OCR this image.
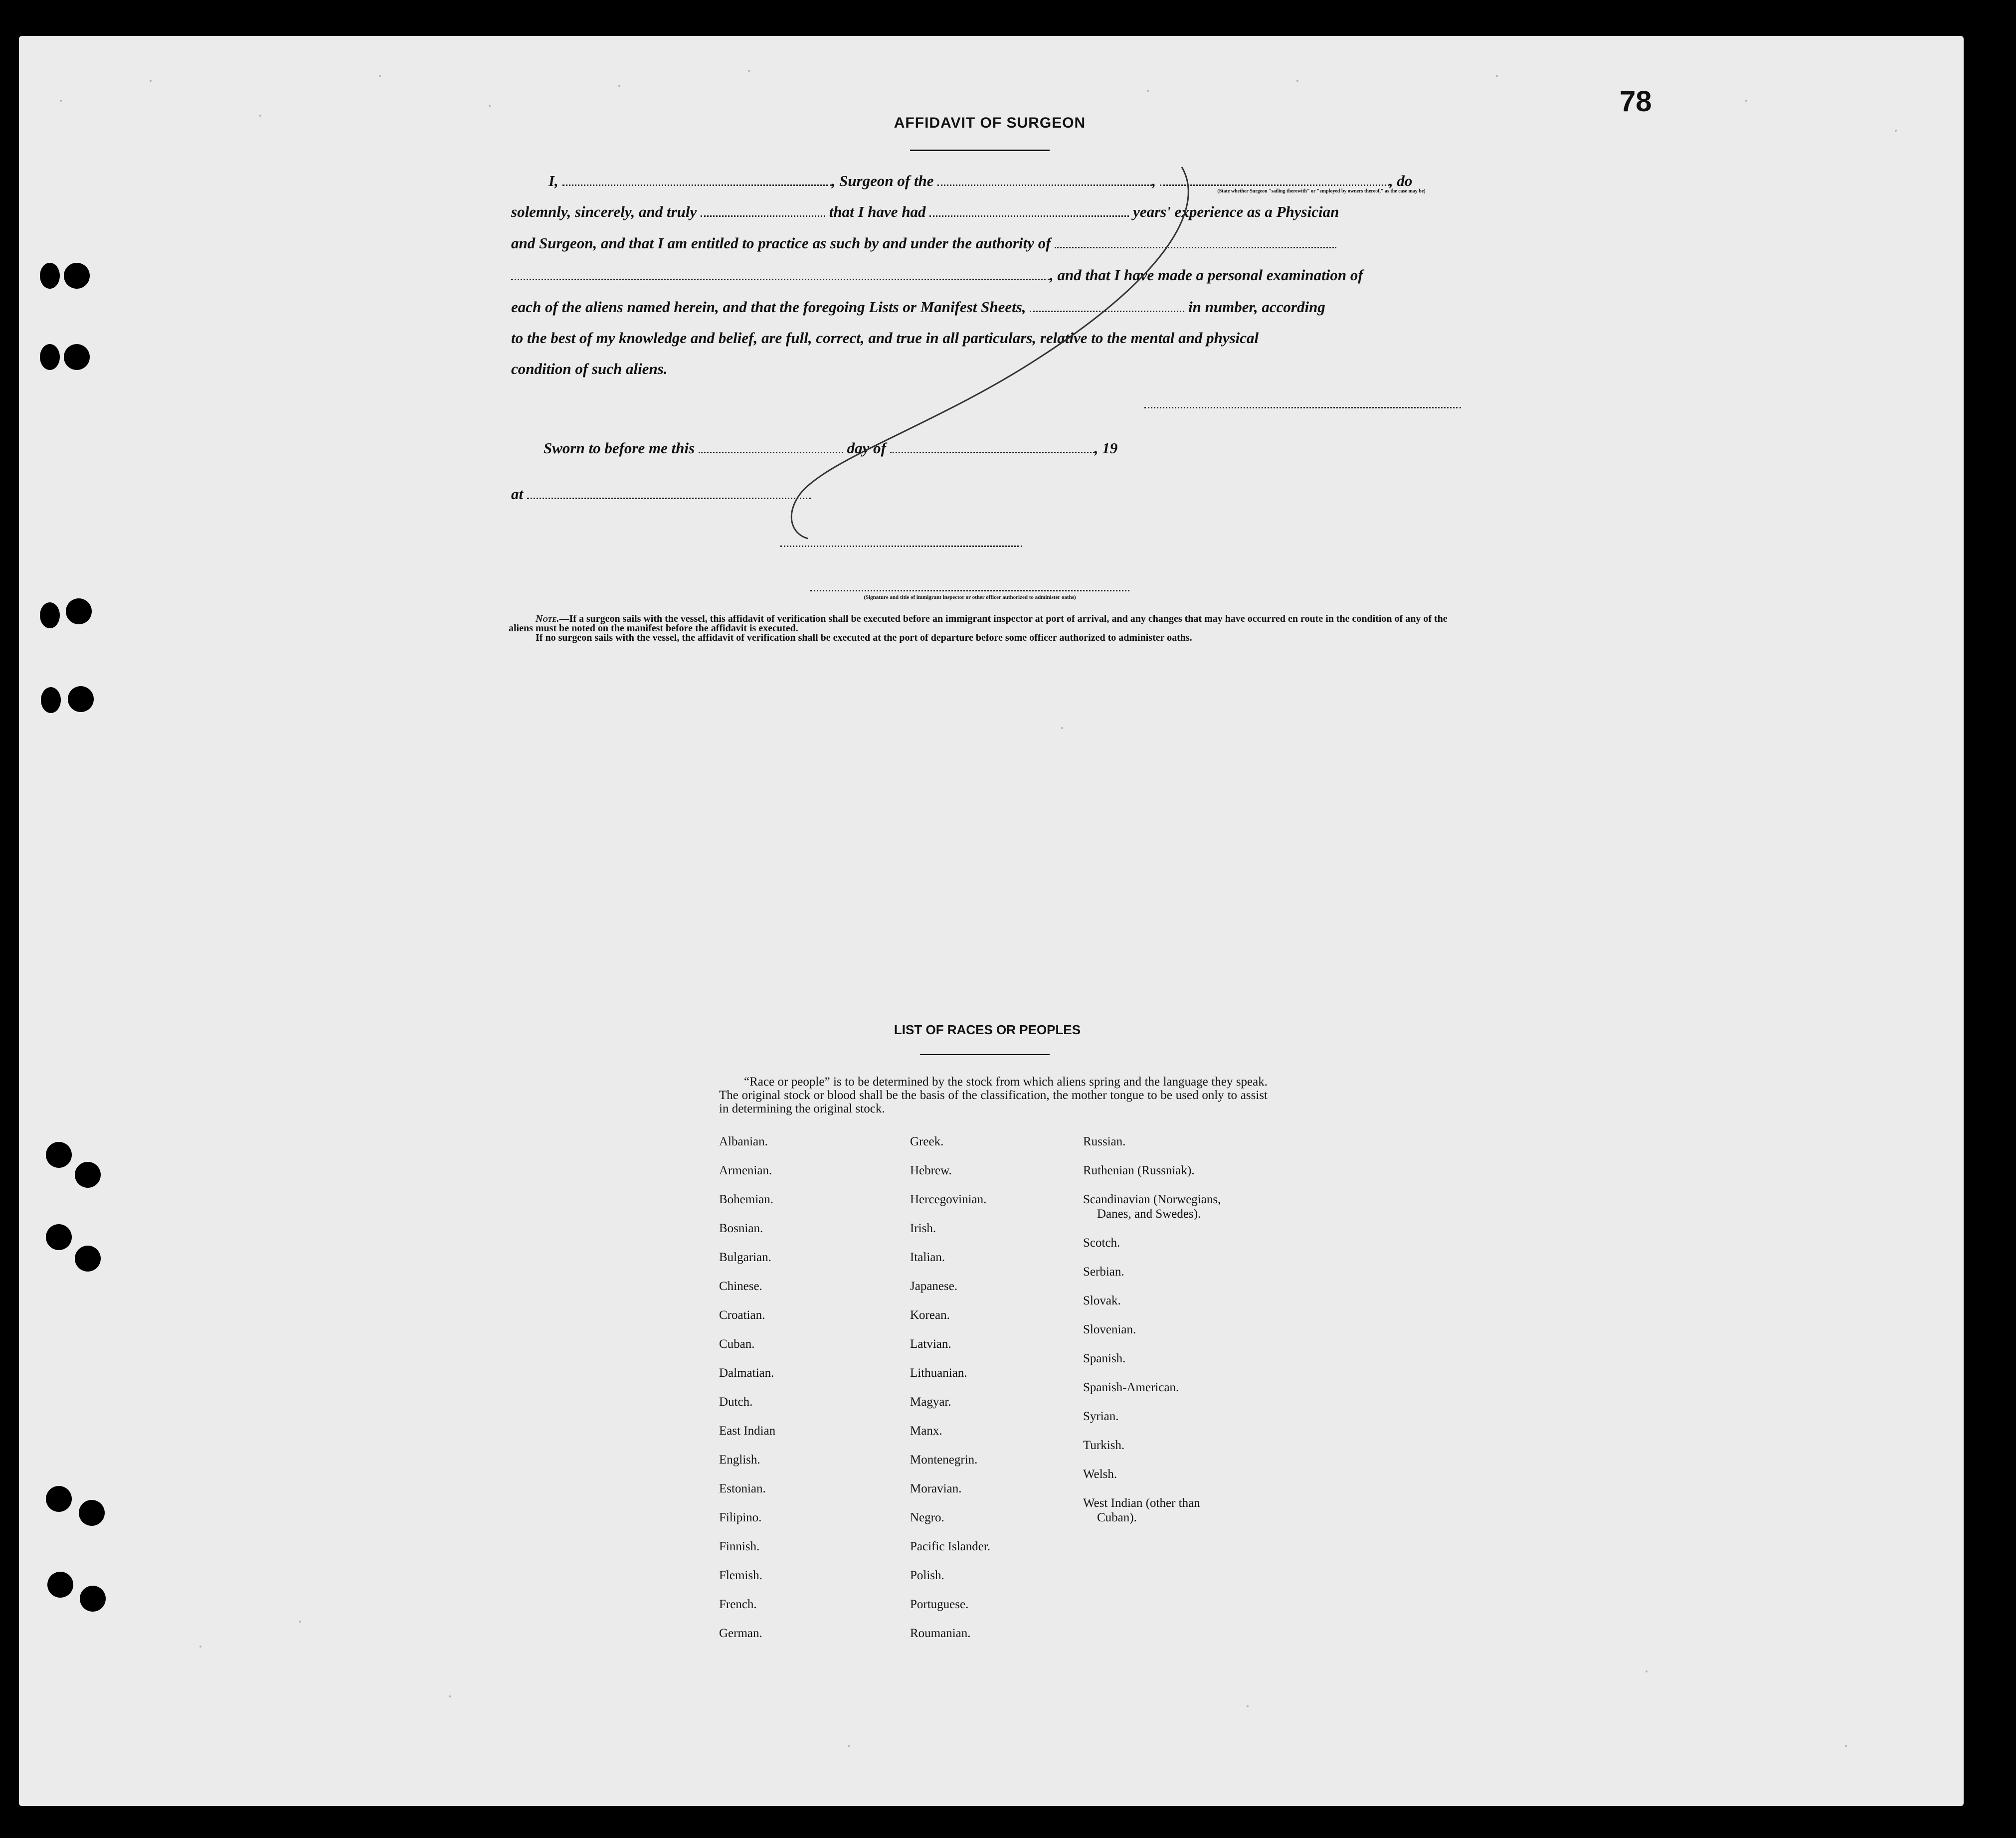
78
AFFIDAVIT OF SURGEON
I,	, Surgeon of the	,	, do
(State whether Surgeon "sailing therewith" or "employed by owners thereof," as the case may be)
solemnly, sincerely, and truly	that I have had	years' experience as a Physician
and Surgeon, and that I am entitled to practice as such by and under the authority of
, and that I have made a personal examination of
each of the aliens named herein, and that the foregoing Lists or Manifest Sheets,	in number, according
to the best of my knowledge and belief, are full, correct, and true in all particulars, relative to the mental and physical
condition of such aliens.
Sworn to before me this	day of	, 19
at
(Signature and title of immigrant inspector or other officer authorized to administer oaths)
Note.—If a surgeon sails with the vessel, this affidavit of verification shall be executed before an immigrant inspector at port of arrival, and any changes that may have occurred en route in the condition of any of the aliens must be noted on the manifest before the affidavit is executed.
If no surgeon sails with the vessel, the affidavit of verification shall be executed at the port of departure before some officer authorized to administer oaths.
LIST OF RACES OR PEOPLES
“Race or people” is to be determined by the stock from which aliens spring and the language they speak. The original stock or blood shall be the basis of the classification, the mother tongue to be used only to assist in determining the original stock.
Albanian.
Armenian.
Bohemian.
Bosnian.
Bulgarian.
Chinese.
Croatian.
Cuban.
Dalmatian.
Dutch.
East Indian
English.
Estonian.
Filipino.
Finnish.
Flemish.
French.
German.
Greek.
Hebrew.
Hercegovinian.
Irish.
Italian.
Japanese.
Korean.
Latvian.
Lithuanian.
Magyar.
Manx.
Montenegrin.
Moravian.
Negro.
Pacific Islander.
Polish.
Portuguese.
Roumanian.
Russian.
Ruthenian (Russniak).
Scandinavian (Norwegians,
Danes, and Swedes).
Scotch.
Serbian.
Slovak.
Slovenian.
Spanish.
Spanish-American.
Syrian.
Turkish.
Welsh.
West Indian (other than
Cuban).
